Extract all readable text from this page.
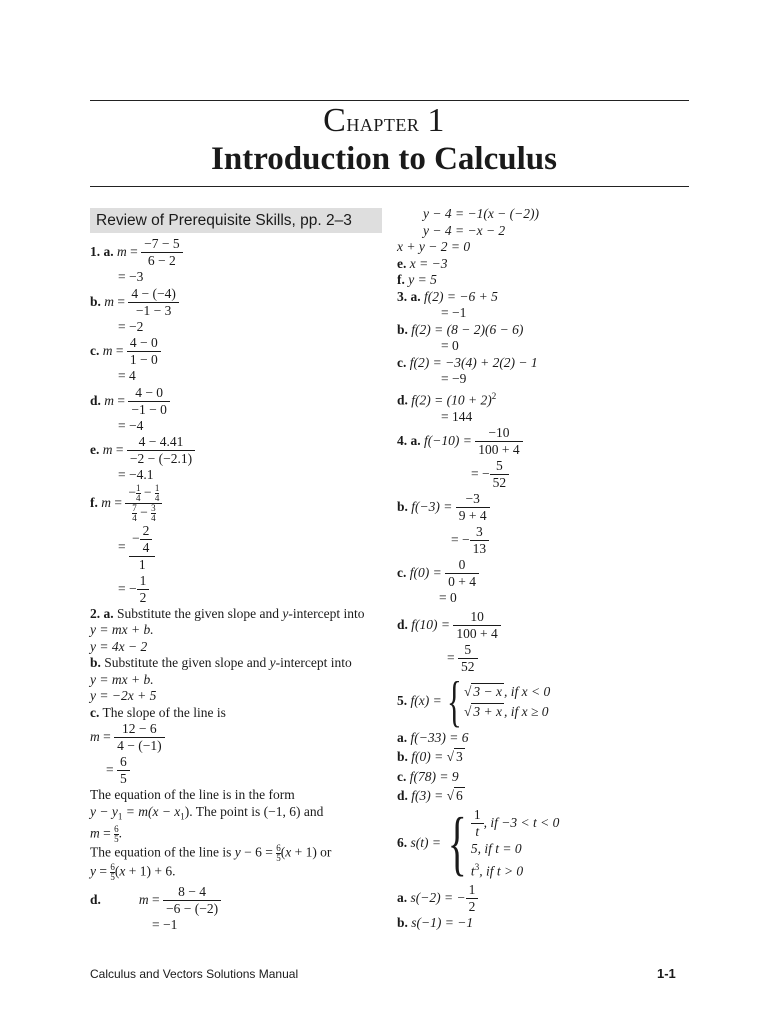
Chapter 1
Introduction to Calculus
Review of Prerequisite Skills, pp. 2–3
1. a.
$m = \frac{-7 - 5}{6 - 2}$
= −3
b.
$m = \frac{4 - (-4)}{-1 - 3}$
= −2
c.
$m = \frac{4 - 0}{1 - 0}$
= 4
d.
$m = \frac{4 - 0}{-1 - 0}$
= −4
e.
$m = \frac{4 - 4.41}{-2 - (-2.1)}$
= −4.1
f.
$m = \frac{- \frac{1}{4} - \frac{1}{4}}{\frac{7}{4} - \frac{3}{4}}$
= $\frac{- \frac{2}{4}}{1}$
= − $\frac{1}{2}$
2. a. Substitute the given slope and y-intercept into
y = mx + b.
y = 4x − 2
b. Substitute the given slope and y-intercept into
y = mx + b.
y = −2x + 5
c. The slope of the line is
$m = \frac{12 - 6}{4 - (-1)}$
= $\frac{6}{5}$
The equation of the line is in the form
$y - y_1 = m(x - x_1)$. The point is (−1, 6) and
$m = \frac{6}{5}$ .
The equation of the line is $y - 6 = \frac{6}{5} (x + 1)$ or
$y = \frac{6}{5} (x + 1) + 6$.
d.	$m = \frac{8 - 4}{-6 - (-2)}$
= −1
y − 4 = −1(x − (−2))
y − 4 = −x − 2
x + y − 2 = 0
e. x = −3
f. y = 5
3. a. f(2) = −6 + 5
= −1
b. f(2) = (8 − 2)(6 − 6)
= 0
c. f(2) = −3(4) + 2(2) − 1
= −9
d. $f(2) = (10 + 2)^2$
= 144
4. a.
f(−10) =
$\frac{-10}{100 + 4}$
= − $\frac{5}{52}$
b.
f(−3) =
$\frac{-3}{9 + 4}$
= − $\frac{3}{13}$
c.
f(0) =
$\frac{0}{0 + 4}$
= 0
d.
f(10) =
$\frac{10}{100 + 4}$
= $\frac{5}{52}$
5.
f(x) =
{ √ 3 − x , if x < 0
√ 3 + x , if x ≥ 0
a. f(−33) = 6
b. f(0) = √ 3
c. f(78) = 9
d. f(3) = √ 6
6.
s(t) =
{ $\frac{1}{t}$ , if −3 < t < 0
5, if t = 0
$t^3$, if t > 0
a.
s(−2) = − $\frac{1}{2}$
b. s(−1) = −1
Calculus and Vectors Solutions Manual	1-1
